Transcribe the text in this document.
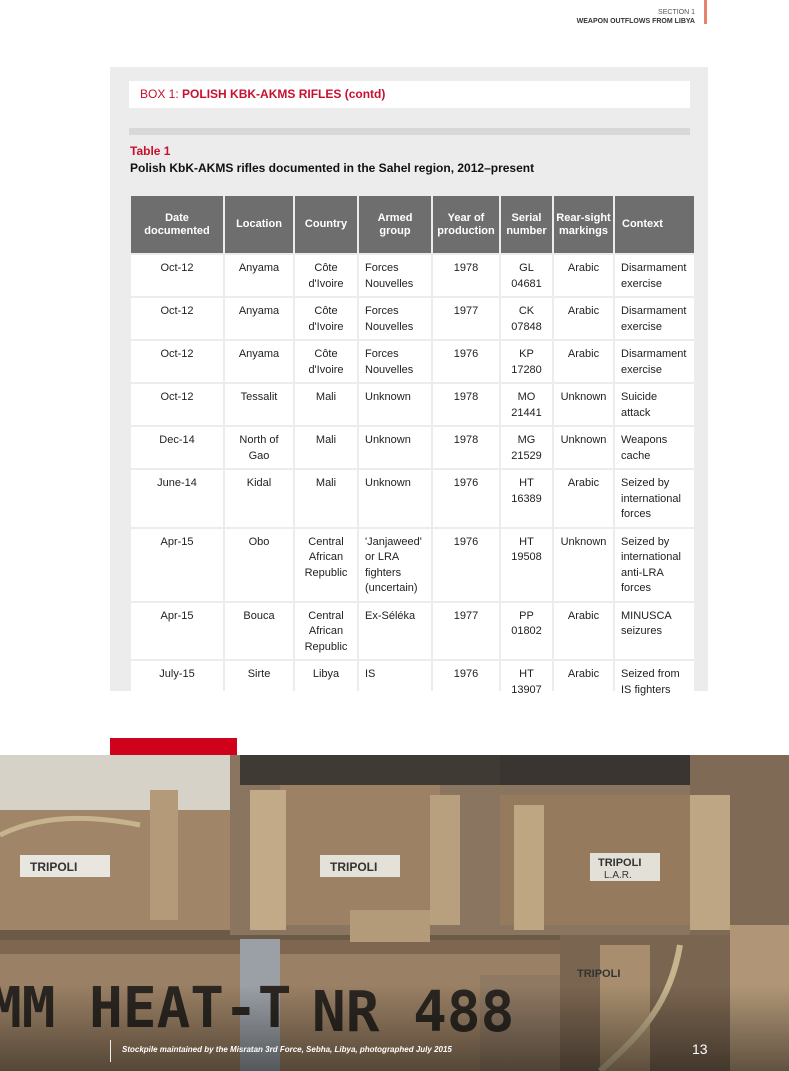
SECTION 1
WEAPON OUTFLOWS FROM LIBYA
BOX 1: POLISH KBK-AKMS RIFLES (contd)
Table 1
Polish KbK-AKMS rifles documented in the Sahel region, 2012–present
Date documented	Location	Country	Armed group	Year of production	Serial number	Rear-sight markings	Context
Oct-12	Anyama	Côte d'Ivoire	Forces Nouvelles	1978	GL 04681	Arabic	Disarmament exercise
Oct-12	Anyama	Côte d'Ivoire	Forces Nouvelles	1977	CK 07848	Arabic	Disarmament exercise
Oct-12	Anyama	Côte d'Ivoire	Forces Nouvelles	1976	KP 17280	Arabic	Disarmament exercise
Oct-12	Tessalit	Mali	Unknown	1978	MO 21441	Unknown	Suicide attack
Dec-14	North of Gao	Mali	Unknown	1978	MG 21529	Unknown	Weapons cache
June-14	Kidal	Mali	Unknown	1976	HT 16389	Arabic	Seized by international forces
Apr-15	Obo	Central African Republic	'Janjaweed' or LRA fighters (uncertain)	1976	HT 19508	Unknown	Seized by international anti-LRA forces
Apr-15	Bouca	Central African Republic	Ex-Séléka	1977	PP 01802	Arabic	MINUSCA seizures
July-15	Sirte	Libya	IS	1976	HT 13907	Arabic	Seized from IS fighters
TRIPOLI	TRIPOLI	TRIPOLI
L.A.R.
TRIPOLI
Stockpile maintained by the Misratan 3rd Force, Sebha, Libya, photographed July 2015	13
